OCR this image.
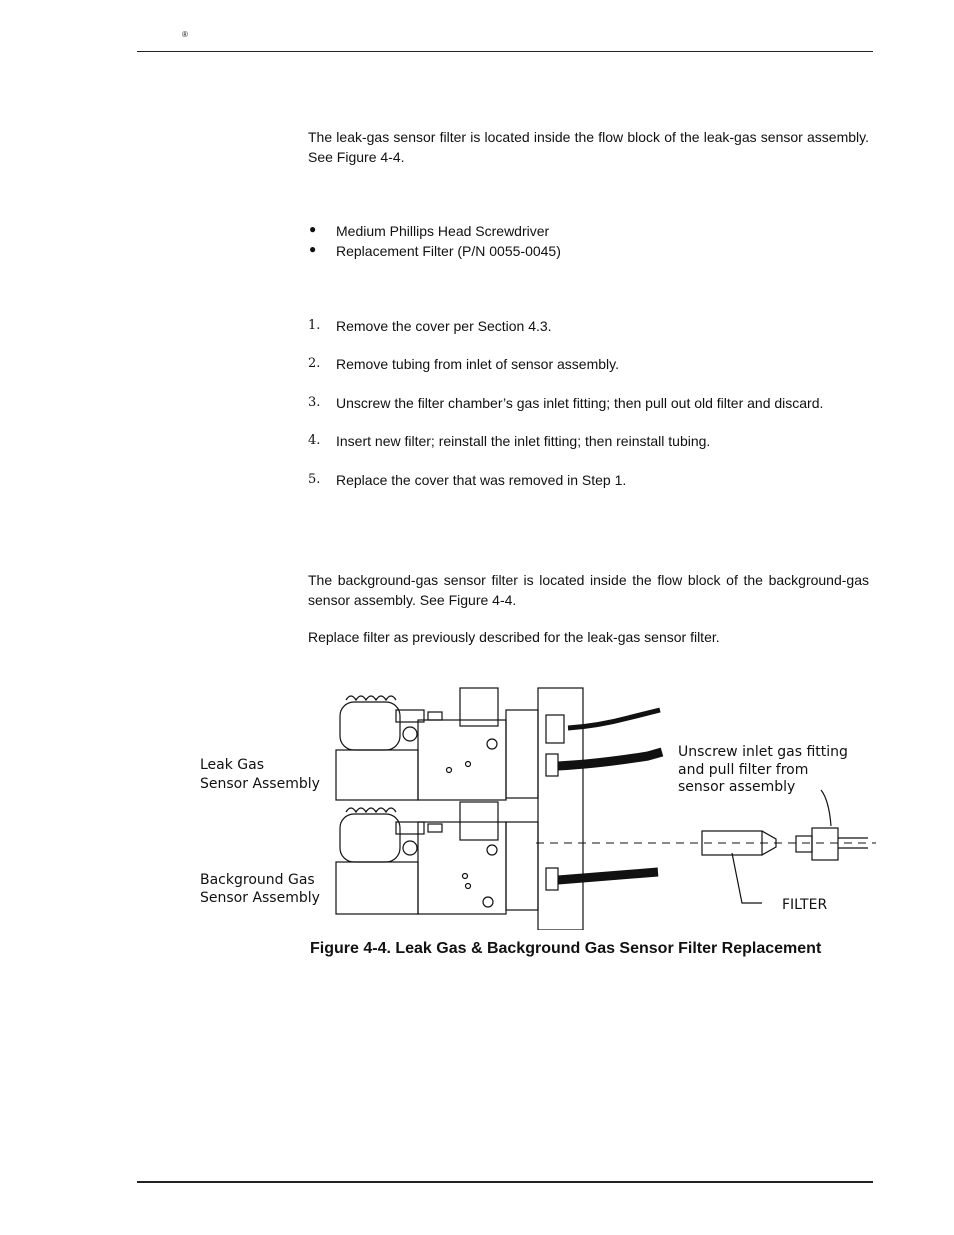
®
The leak-gas sensor filter is located inside the flow block of the leak-gas sensor assembly. See Figure 4-4.
● Medium Phillips Head Screwdriver
● Replacement Filter (P/N 0055-0045)
1. Remove the cover per Section 4.3.
2. Remove tubing from inlet of sensor assembly.
3. Unscrew the filter chamber’s gas inlet fitting; then pull out old filter and discard.
4. Insert new filter; reinstall the inlet fitting; then reinstall tubing.
5. Replace the cover that was removed in Step 1.
The background-gas sensor filter is located inside the flow block of the background-gas sensor assembly. See Figure 4-4.
Replace filter as previously described for the leak-gas sensor filter.
Leak Gas
Sensor Assembly
Background Gas
Sensor Assembly
Unscrew inlet gas fitting
and pull filter from
sensor assembly
FILTER
Figure 4-4. Leak Gas & Background Gas Sensor Filter Replacement
